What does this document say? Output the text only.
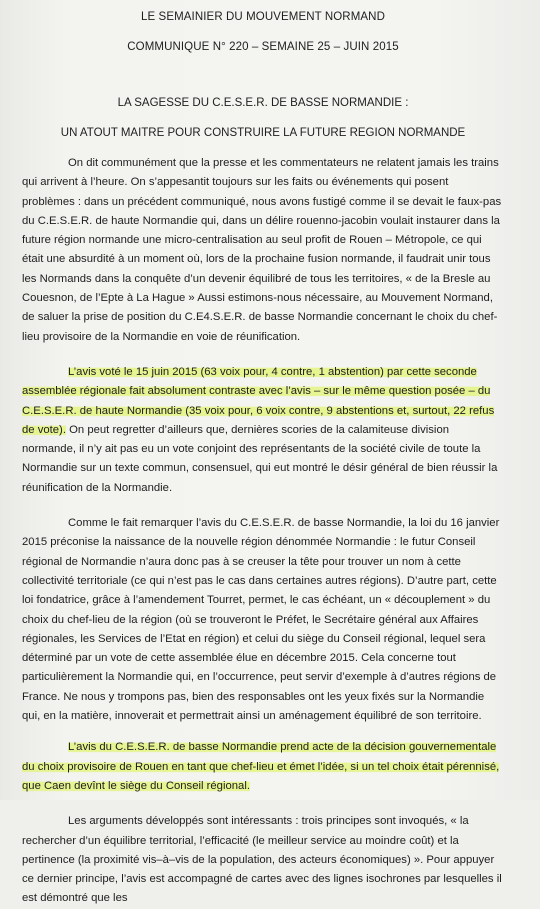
LE SEMAINIER DU MOUVEMENT NORMAND
COMMUNIQUE N° 220 – SEMAINE 25 – JUIN 2015
LA SAGESSE DU C.E.S.E.R. DE BASSE NORMANDIE :
UN ATOUT MAITRE POUR CONSTRUIRE LA FUTURE REGION NORMANDE

On dit communément que la presse et les commentateurs ne relatent jamais les trains qui arrivent à l’heure. On s’appesantit toujours sur les faits ou événements qui posent problèmes : dans un précédent communiqué, nous avons fustigé comme il se devait le faux-pas du C.E.S.E.R. de haute Normandie qui, dans un délire rouenno-jacobin voulait instaurer dans la future région normande une micro-centralisation au seul profit de Rouen – Métropole, ce qui était une absurdité à un moment où, lors de la prochaine fusion normande, il faudrait unir tous les Normands dans la conquête d’un devenir équilibré de tous les territoires, « de la Bresle au Couesnon, de l’Epte à La Hague » Aussi estimons-nous nécessaire, au Mouvement Normand, de saluer la prise de position du C.E4.S.E.R. de basse Normandie concernant le choix du chef-lieu provisoire de la Normandie en voie de réunification.

L’avis voté le 15 juin 2015 (63 voix pour, 4 contre, 1 abstention) par cette seconde assemblée régionale fait absolument contraste avec l’avis – sur le même question posée – du C.E.S.E.R. de haute Normandie (35 voix pour, 6 voix contre, 9 abstentions et, surtout, 22 refus de vote). On peut regretter d’ailleurs que, dernières scories de la calamiteuse division normande, il n’y ait pas eu un vote conjoint des représentants de la société civile de toute la Normandie sur un texte commun, consensuel, qui eut montré le désir général de bien réussir la réunification de la Normandie.

Comme le fait remarquer l’avis du C.E.S.E.R. de basse Normandie, la loi du 16 janvier 2015 préconise la naissance de la nouvelle région dénommée Normandie : le futur Conseil régional de Normandie n’aura donc pas à se creuser la tête pour trouver un nom à cette collectivité territoriale (ce qui n’est pas le cas dans certaines autres régions). D’autre part, cette loi fondatrice, grâce à l’amendement Tourret, permet, le cas échéant, un « découplement » du choix du chef-lieu de la région (où se trouveront le Préfet, le Secrétaire général aux Affaires régionales, les Services de l’Etat en région) et celui du siège du Conseil régional, lequel sera déterminé par un vote de cette assemblée élue en décembre 2015. Cela concerne tout particulièrement la Normandie qui, en l’occurrence, peut servir d’exemple à d’autres régions de France. Ne nous y trompons pas, bien des responsables ont les yeux fixés sur la Normandie qui, en la matière, innoverait et permettrait ainsi un aménagement équilibré de son territoire.

L’avis du C.E.S.E.R. de basse Normandie prend acte de la décision gouvernementale du choix provisoire de Rouen en tant que chef-lieu et émet l’idée, si un tel choix était pérennisé, que Caen devînt le siège du Conseil régional.

Les arguments développés sont intéressants : trois principes sont invoqués, « la rechercher d’un équilibre territorial, l’efficacité (le meilleur service au moindre coût) et la pertinence (la proximité vis–à–vis de la population, des acteurs économiques) ». Pour appuyer ce dernier principe, l’avis est accompagné de cartes avec des lignes isochrones par lesquelles il est démontré que les
